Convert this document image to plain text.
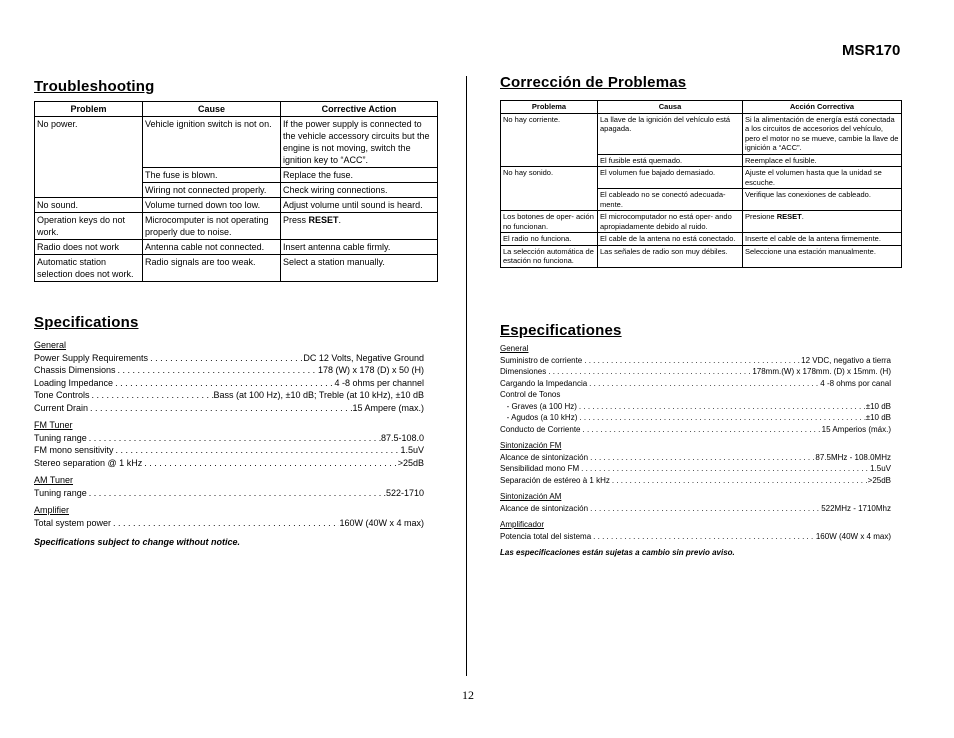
MSR170
Troubleshooting
Problem	Cause	Corrective Action
No power.	Vehicle ignition switch is not on.	If the power supply is connected to the vehicle accessory circuits but the engine is not moving, switch the ignition key to “ACC”.
	The fuse is blown.	Replace the fuse.
	Wiring not connected properly.	Check wiring connections.
No sound.	Volume turned down too low.	Adjust volume until sound is heard.
Operation keys do not work.	Microcomputer is not operating properly due to noise.	Press RESET.
Radio does not work	Antenna cable not connected.	Insert antenna cable firmly.
Automatic station selection does not work.	Radio signals are too weak.	Select a station manually.
Corrección de Problemas
Problema	Causa	Acción Correctiva
No hay corriente.	La llave de la ignición del vehículo está apagada.	Si la alimentación de energía está conectada a los circuitos de accesorios del vehículo, pero el motor no se mueve, cambie la llave de ignición a “ACC”.
	El fusible está quemado.	Reemplace el fusible.
No hay sonido.	El volumen fue bajado demasiado.	Ajuste el volumen hasta que la unidad se escuche.
	El cableado no se conectó adecuada- mente.	Verifique las conexiones de cableado.
Los botones de oper- ación no funcionan.	El microcomputador no está oper- ando apropiadamente debido al ruido.	Presione RESET.
El radio no funciona.	El cable de la antena no está conectado.	Inserte el cable de la antena firmemente.
La selección automática de estación no funciona.	Las señales de radio son muy débiles.	Seleccione una estación manualmente.
Specifications
General
Power Supply Requirements . . .	DC 12 Volts, Negative Ground
Chassis Dimensions . . .	178 (W) x 178 (D) x 50 (H)
Loading Impedance . . .	4 -8 ohms per channel
Tone Controls . . .	Bass (at 100 Hz), ±10 dB; Treble (at 10 kHz), ±10 dB
Current Drain . . .	15 Ampere (max.)
FM Tuner
Tuning range . . .	87.5-108.0
FM mono sensitivity . . .	1.5uV
Stereo separation @ 1 kHz . . .	>25dB
AM Tuner
Tuning range . . .	.522-1710
Amplifier
Total system power . . .	160W (40W x 4 max)
Specifications subject to change without notice.
Especificationes
General
Suministro de corriente . . .	12 VDC, negativo a tierra
Dimensiones . . .	178mm.(W) x 178mm. (D) x 15mm. (H)
Cargando la Impedancia . . .	4 -8 ohms por canal
Control de Tonos
- Graves (a 100 Hz) . . .	±10 dB
- Agudos (a 10 kHz) . . .	±10 dB
Conducto de Corriente . . .	15 Amperios (máx.)
Sintonización FM
Alcance de sintonización . . .	87.5MHz - 108.0MHz
Sensibilidad mono FM . . .	1.5uV
Separación de estéreo à 1 kHz . . .	>25dB
Sintonización AM
Alcance de sintonización . . .	522MHz - 1710Mhz
Amplificador
Potencia total del sistema . . .	160W (40W x 4 max)
Las especificaciones están sujetas a cambio sin previo aviso.
12
